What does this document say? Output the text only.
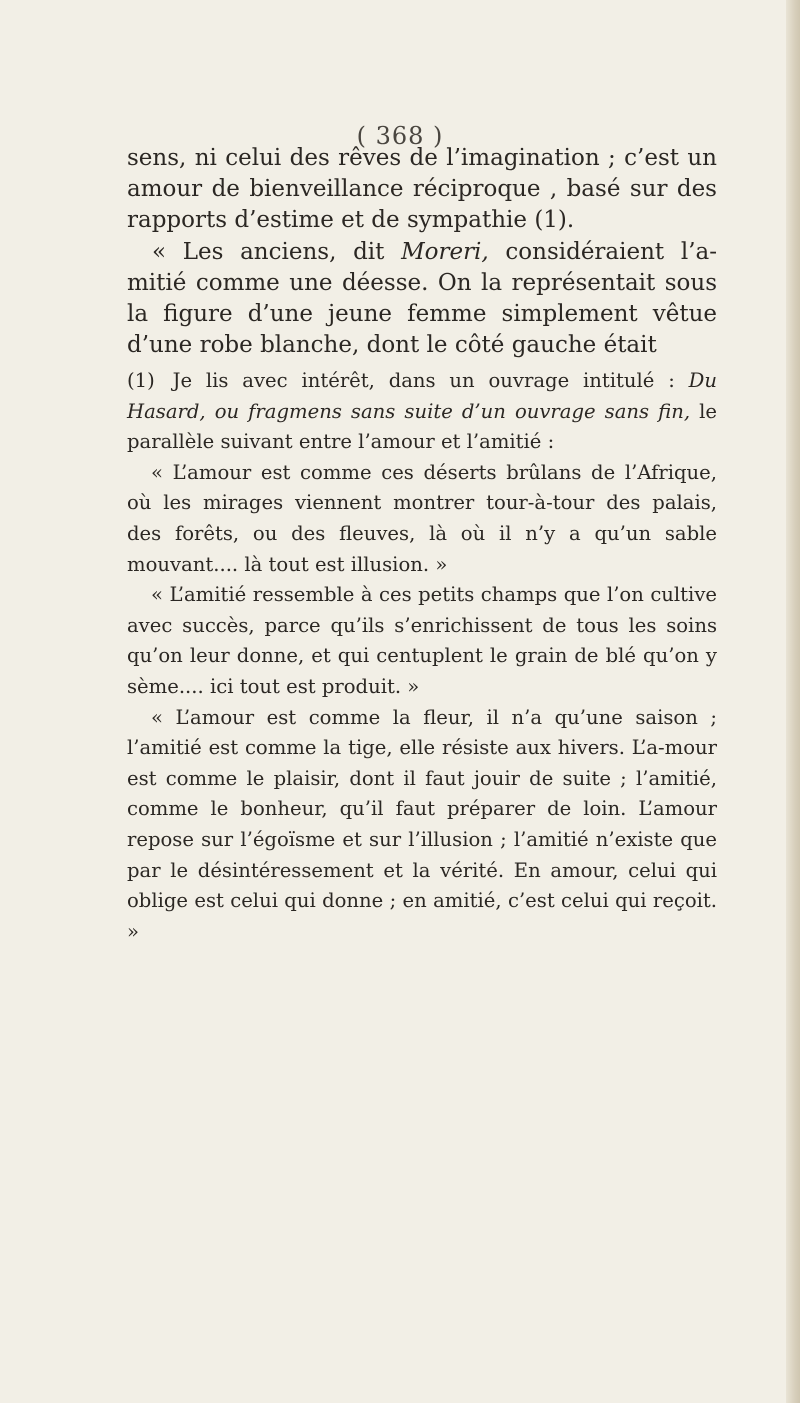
( 368 )

sens, ni celui des rêves de l’imagination ; c’est un amour de bienveillance réciproque , basé sur des rapports d’estime et de sympathie (1).

« Les anciens, dit Moreri, considéraient l’a-mitié comme une déesse. On la représentait sous la figure d’une jeune femme simplement vêtue d’une robe blanche, dont le côté gauche était

(1) Je lis avec intérêt, dans un ouvrage intitulé : Du Hasard, ou fragmens sans suite d’un ouvrage sans fin, le parallèle suivant entre l’amour et l’amitié :

« L’amour est comme ces déserts brûlans de l’Afrique, où les mirages viennent montrer tour-à-tour des palais, des forêts, ou des fleuves, là où il n’y a qu’un sable mouvant.... là tout est illusion. »

« L’amitié ressemble à ces petits champs que l’on cultive avec succès, parce qu’ils s’enrichissent de tous les soins qu’on leur donne, et qui centuplent le grain de blé qu’on y sème.... ici tout est produit. »

« L’amour est comme la fleur, il n’a qu’une saison ; l’amitié est comme la tige, elle résiste aux hivers. L’a-mour est comme le plaisir, dont il faut jouir de suite ; l’amitié, comme le bonheur, qu’il faut préparer de loin. L’amour repose sur l’égoïsme et sur l’illusion ; l’amitié n’existe que par le désintéressement et la vérité. En amour, celui qui oblige est celui qui donne ; en amitié, c’est celui qui reçoit. »
